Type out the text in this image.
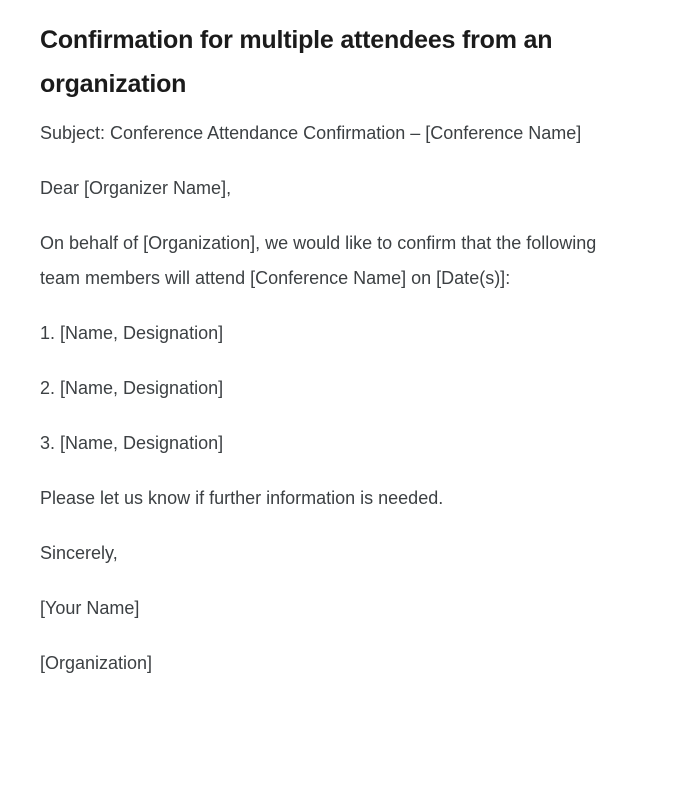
Confirmation for multiple attendees from an organization

Subject: Conference Attendance Confirmation – [Conference Name]

Dear [Organizer Name],

On behalf of [Organization], we would like to confirm that the following team members will attend [Conference Name] on [Date(s)]:

1. [Name, Designation]

2. [Name, Designation]

3. [Name, Designation]

Please let us know if further information is needed.

Sincerely,

[Your Name]

[Organization]
